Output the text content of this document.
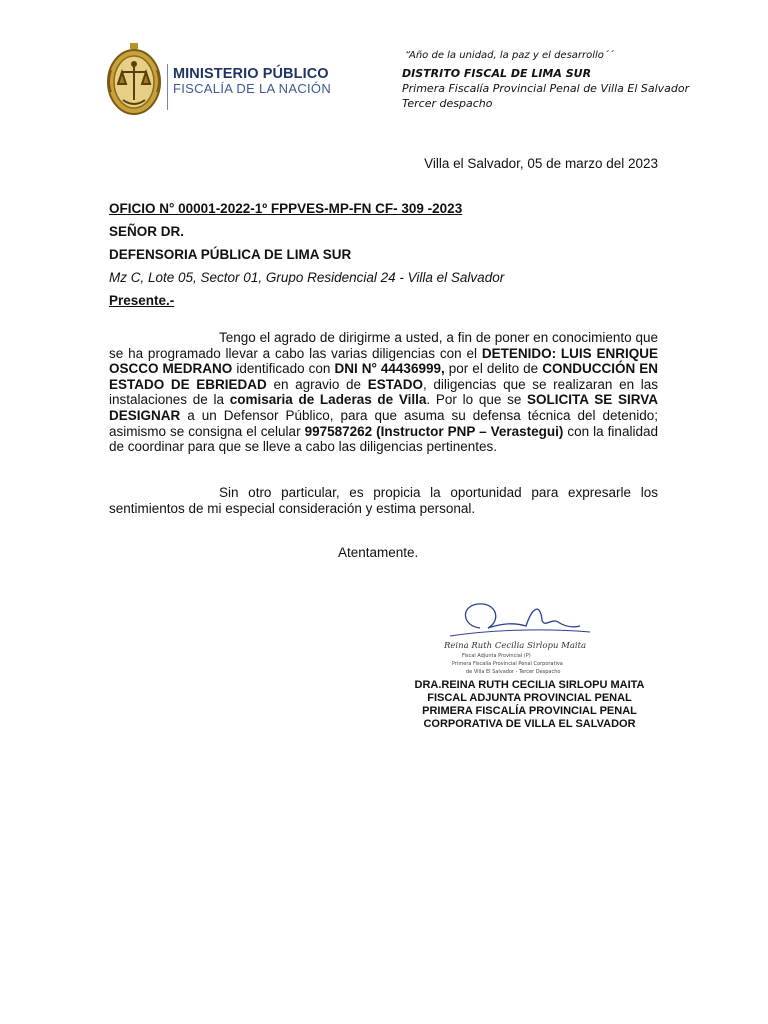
MINISTERIO PÚBLICO
FISCALÍA DE LA NACIÓN
“Año de la unidad, la paz y el desarrollo´´
DISTRITO FISCAL DE LIMA SUR
Primera Fiscalía Provincial Penal de Villa El Salvador
Tercer despacho
Villa el Salvador, 05 de marzo del 2023
OFICIO N° 00001-2022-1º FPPVES-MP-FN CF- 309 -2023
SEÑOR DR.
DEFENSORIA PÚBLICA DE LIMA SUR
Mz C, Lote 05, Sector 01, Grupo Residencial 24 - Villa el Salvador
Presente.-
Tengo el agrado de dirigirme a usted, a fin de poner en conocimiento que se ha programado llevar a cabo las varias diligencias con el DETENIDO: LUIS ENRIQUE OSCCO MEDRANO identificado con DNI N° 44436999, por el delito de CONDUCCIÓN EN ESTADO DE EBRIEDAD en agravio de ESTADO, diligencias que se realizaran en las instalaciones de la comisaria de Laderas de Villa. Por lo que se SOLICITA SE SIRVA DESIGNAR a un Defensor Público, para que asuma su defensa técnica del detenido; asimismo se consigna el celular 997587262 (Instructor PNP – Verastegui) con la finalidad de coordinar para que se lleve a cabo las diligencias pertinentes.
Sin otro particular, es propicia la oportunidad para expresarle los sentimientos de mi especial consideración y estima personal.
Atentamente.
Reina Ruth Cecilia Sirlopu Maita
Fiscal Adjunta Provincial (P)
Primera Fiscalía Provincial Penal Corporativa
de Villa El Salvador - Tercer Despacho
DRA.REINA RUTH CECILIA SIRLOPU MAITA
FISCAL ADJUNTA PROVINCIAL PENAL
PRIMERA FISCALÍA PROVINCIAL PENAL
CORPORATIVA DE VILLA EL SALVADOR
